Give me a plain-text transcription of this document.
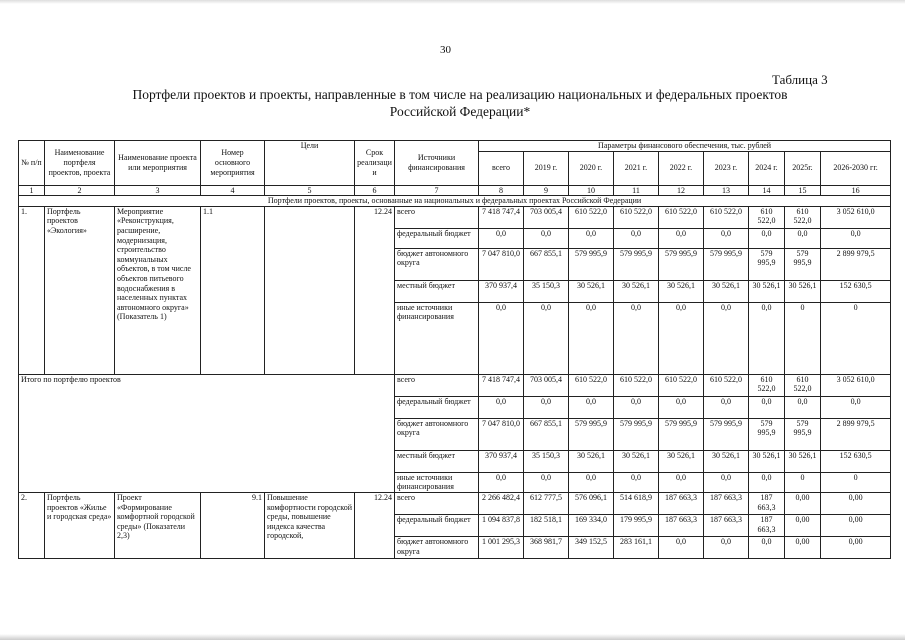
30
Таблица 3
Портфели проектов и проекты, направленные в том числе на реализацию национальных и федеральных проектов Российской Федерации*
№ п/п	Наименование портфеля проектов, проекта	Наименование проекта или мероприятия	Номер основного мероприятия	Цели	Срок реализации	Источники финансирования	Параметры финансового обеспечения, тыс. рублей								
							всего	2019 г.	2020 г.	2021 г.	2022 г.	2023 г.	2024 г.	2025г.	2026-2030 гг.
1	2	3	4	5	6	7	8	9	10	11	12	13	14	15	16
Портфели проектов, проекты, основанные на национальных и федеральных проектах Российской Федерации															
1.	Портфель проектов «Экология»	Мероприятие «Реконструкция, расширение, модернизация, строительство коммунальных объектов, в том числе объектов питьевого водоснабжения в населенных пунктах автономного округа» (Показатель 1)	1.1		12.24	всего	7 418 747,4	703 005,4	610 522,0	610 522,0	610 522,0	610 522,0	610 522,0	610 522,0	3 052 610,0
						федеральный бюджет	0,0	0,0	0,0	0,0	0,0	0,0	0,0	0,0	0,0
						бюджет автономного округа	7 047 810,0	667 855,1	579 995,9	579 995,9	579 995,9	579 995,9	579 995,9	579 995,9	2 899 979,5
						местный бюджет	370 937,4	35 150,3	30 526,1	30 526,1	30 526,1	30 526,1	30 526,1	30 526,1	152 630,5
						иные источники финансирования	0,0	0,0	0,0	0,0	0,0	0,0	0,0	0	0
Итого по портфелю проектов						всего	7 418 747,4	703 005,4	610 522,0	610 522,0	610 522,0	610 522,0	610 522,0	610 522,0	3 052 610,0
						федеральный бюджет	0,0	0,0	0,0	0,0	0,0	0,0	0,0	0,0	0,0
						бюджет автономного округа	7 047 810,0	667 855,1	579 995,9	579 995,9	579 995,9	579 995,9	579 995,9	579 995,9	2 899 979,5
						местный бюджет	370 937,4	35 150,3	30 526,1	30 526,1	30 526,1	30 526,1	30 526,1	30 526,1	152 630,5
						иные источники финансирования	0,0	0,0	0,0	0,0	0,0	0,0	0,0	0	0
2.	Портфель проектов «Жилье и городская среда»	Проект «Формирование комфортной городской среды» (Показатели 2,3)	9.1	Повышение комфортности городской среды, повышение индекса качества городской,	12.24	всего	2 266 482,4	612 777,5	576 096,1	514 618,9	187 663,3	187 663,3	187 663,3	0,00	0,00
						федеральный бюджет	1 094 837,8	182 518,1	169 334,0	179 995,9	187 663,3	187 663,3	187 663,3	0,00	0,00
						бюджет автономного округа	1 001 295,3	368 981,7	349 152,5	283 161,1	0,0	0,0	0,0	0,00	0,00
